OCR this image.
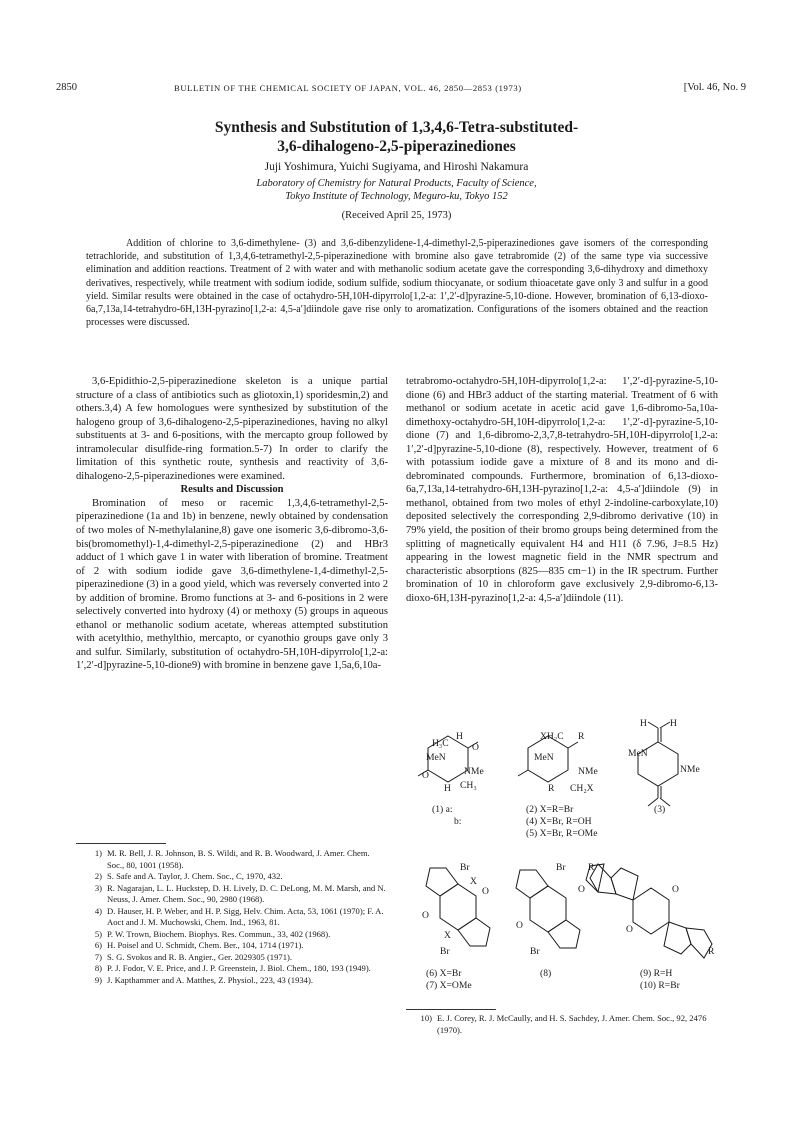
2850	BULLETIN OF THE CHEMICAL SOCIETY OF JAPAN, VOL. 46, 2850—2853 (1973)	[Vol. 46, No. 9
Synthesis and Substitution of 1,3,4,6-Tetra-substituted-
3,6-dihalogeno-2,5-piperazinediones
Juji Yoshimura, Yuichi Sugiyama, and Hiroshi Nakamura
Laboratory of Chemistry for Natural Products, Faculty of Science,
Tokyo Institute of Technology, Meguro-ku, Tokyo 152
(Received April 25, 1973)
Addition of chlorine to 3,6-dimethylene- (3) and 3,6-dibenzylidene-1,4-dimethyl-2,5-piperazinediones gave isomers of the corresponding tetrachloride, and substitution of 1,3,4,6-tetramethyl-2,5-piperazinedione with bromine also gave tetrabromide (2) of the same type via successive elimination and addition reactions. Treatment of 2 with water and with methanolic sodium acetate gave the corresponding 3,6-dihydroxy and dimethoxy derivatives, respectively, while treatment with sodium iodide, sodium sulfide, sodium thiocyanate, or sodium thioacetate gave only 3 and sulfur in a good yield. Similar results were obtained in the case of octahydro-5H,10H-dipyrrolo[1,2-a: 1′,2′-d]pyrazine-5,10-dione. However, bromination of 6,13-dioxo-6a,7,13a,14-tetrahydro-6H,13H-pyrazino[1,2-a: 4,5-a′]diindole gave rise only to aromatization. Configurations of the isomers obtained and the reaction processes were discussed.

3,6-Epidithio-2,5-piperazinedione skeleton is a unique partial structure of a class of antibiotics such as gliotoxin,1) sporidesmin,2) and others.3,4) A few homologues were synthesized by substitution of the halogeno group of 3,6-dihalogeno-2,5-piperazinediones, having no alkyl substituents at 3- and 6-positions, with the mercapto group followed by intramolecular disulfide-ring formation.5-7) In order to clarify the limitation of this synthetic route, synthesis and reactivity of 3,6-dihalogeno-2,5-piperazinediones were examined.

Results and Discussion

Bromination of meso or racemic 1,3,4,6-tetramethyl-2,5-piperazinedione (1a and 1b) in benzene, newly obtained by condensation of two moles of N-methylalanine,8) gave one isomeric 3,6-dibromo-3,6-bis(bromomethyl)-1,4-dimethyl-2,5-piperazinedione (2) and HBr3 adduct of 1 which gave 1 in water with liberation of bromine. Treatment of 2 with sodium iodide gave 3,6-dimethylene-1,4-dimethyl-2,5-piperazinedione (3) in a good yield, which was reversely converted into 2 by addition of bromine. Bromo functions at 3- and 6-positions in 2 were selectively converted into hydroxy (4) or methoxy (5) groups in aqueous ethanol or methanolic sodium acetate, whereas attempted substitution with acetylthio, methylthio, mercapto, or cyanothio groups gave only 3 and sulfur. Similarly, substitution of octahydro-5H,10H-dipyrrolo[1,2-a: 1′,2′-d]pyrazine-5,10-dione9) with bromine in benzene gave 1,5a,6,10a-

1) M. R. Bell, J. R. Johnson, B. S. Wildi, and R. B. Woodward, J. Amer. Chem. Soc., 80, 1001 (1958).
2) S. Safe and A. Taylor, J. Chem. Soc., C, 1970, 432.
3) R. Nagarajan, L. L. Huckstep, D. H. Lively, D. C. DeLong, M. M. Marsh, and N. Neuss, J. Amer. Chem. Soc., 90, 2980 (1968).
4) D. Hauser, H. P. Weber, and H. P. Sigg, Helv. Chim. Acta, 53, 1061 (1970); F. A. Aoct and J. M. Muchowski, Chem. Ind., 1963, 81.
5) P. W. Trown, Biochem. Biophys. Res. Commun., 33, 402 (1968).
6) H. Poisel and U. Schmidt, Chem. Ber., 104, 1714 (1971).
7) S. G. Svokos and R. B. Angier., Ger. 2029305 (1971).
8) P. J. Fodor, V. E. Price, and J. P. Greenstein, J. Biol. Chem., 180, 193 (1949).
9) J. Kapthammer and A. Matthes, Z. Physiol., 223, 43 (1934).

tetrabromo-octahydro-5H,10H-dipyrrolo[1,2-a: 1′,2′-d]-pyrazine-5,10-dione (6) and HBr3 adduct of the starting material. Treatment of 6 with methanol or sodium acetate in acetic acid gave 1,6-dibromo-5a,10a-dimethoxy-octahydro-5H,10H-dipyrrolo[1,2-a: 1′,2′-d]-pyrazine-5,10-dione (7) and 1,6-dibromo-2,3,7,8-tetrahydro-5H,10H-dipyrrolo[1,2-a: 1′,2′-d]pyrazine-5,10-dione (8), respectively. However, treatment of 6 with potassium iodide gave a mixture of 8 and its mono and di-debrominated compounds. Furthermore, bromination of 6,13-dioxo-6a,7,13a,14-tetrahydro-6H,13H-pyrazino[1,2-a: 4,5-a′]diindole (9) in methanol, obtained from two moles of ethyl 2-indoline-carboxylate,10) deposited selectively the corresponding 2,9-dibromo derivative (10) in 79% yield, the position of their bromo groups being determined from the splitting of magnetically equivalent H4 and H11 (δ 7.96, J=8.5 Hz) appearing in the lowest magnetic field in the NMR spectrum and characteristic absorptions (825—835 cm−1) in the IR spectrum. Further bromination of 10 in chloroform gave exclusively 2,9-dibromo-6,13-dioxo-6H,13H-pyrazino[1,2-a: 4,5-a′]diindole (11).

H₃C
H
MeN
O
NMe
O
H CH₃
XH₂C R
MeN
NMe
R CH₂X
MeN
NMe
H H
(1) a:
b:
(2) X=R=Br
(4) X=Br, R=OH
(5) X=Br, R=OMe
(3)
Br
X
X
Br
O
O
Br
Br
O
O
R
R
O
O
(6) X=Br
(7) X=OMe
(8)	(9) R=H
(10) R=Br
10) E. J. Corey, R. J. McCaully, and H. S. Sachdey, J. Amer. Chem. Soc., 92, 2476 (1970).
